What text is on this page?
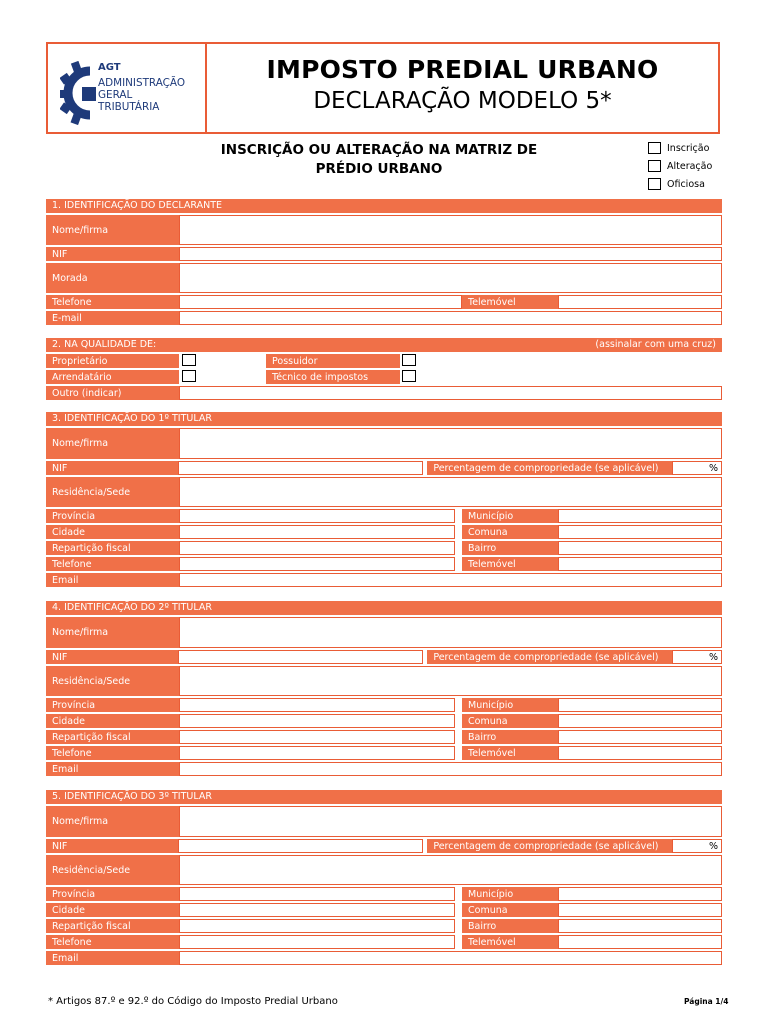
AGT
ADMINISTRAÇÃO
GERAL
TRIBUTÁRIA
IMPOSTO PREDIAL URBANO
DECLARAÇÃO MODELO 5*
INSCRIÇÃO OU ALTERAÇÃO NA MATRIZ DE PRÉDIO URBANO
Inscrição
Alteração
Oficiosa
1. IDENTIFICAÇÃO DO DECLARANTE
Nome/firma
NIF
Morada
Telefone	Telemóvel
E-mail
2. NA QUALIDADE DE:	(assinalar com uma cruz)
Proprietário	Possuidor
Arrendatário	Técnico de impostos
Outro (indicar)
3. IDENTIFICAÇÃO DO 1º TITULAR
Nome/firma
NIF	Percentagem de compropriedade (se aplicável)	%
Residência/Sede
Província	Município
Cidade	Comuna
Repartição fiscal	Bairro
Telefone	Telemóvel
Email
4. IDENTIFICAÇÃO DO 2º TITULAR
Nome/firma
NIF	Percentagem de compropriedade (se aplicável)	%
Residência/Sede
Província	Município
Cidade	Comuna
Repartição fiscal	Bairro
Telefone	Telemóvel
Email
5. IDENTIFICAÇÃO DO 3º TITULAR
Nome/firma
NIF	Percentagem de compropriedade (se aplicável)	%
Residência/Sede
Província	Município
Cidade	Comuna
Repartição fiscal	Bairro
Telefone	Telemóvel
Email
* Artigos 87.º e 92.º do Código do Imposto Predial Urbano	Página 1/4
